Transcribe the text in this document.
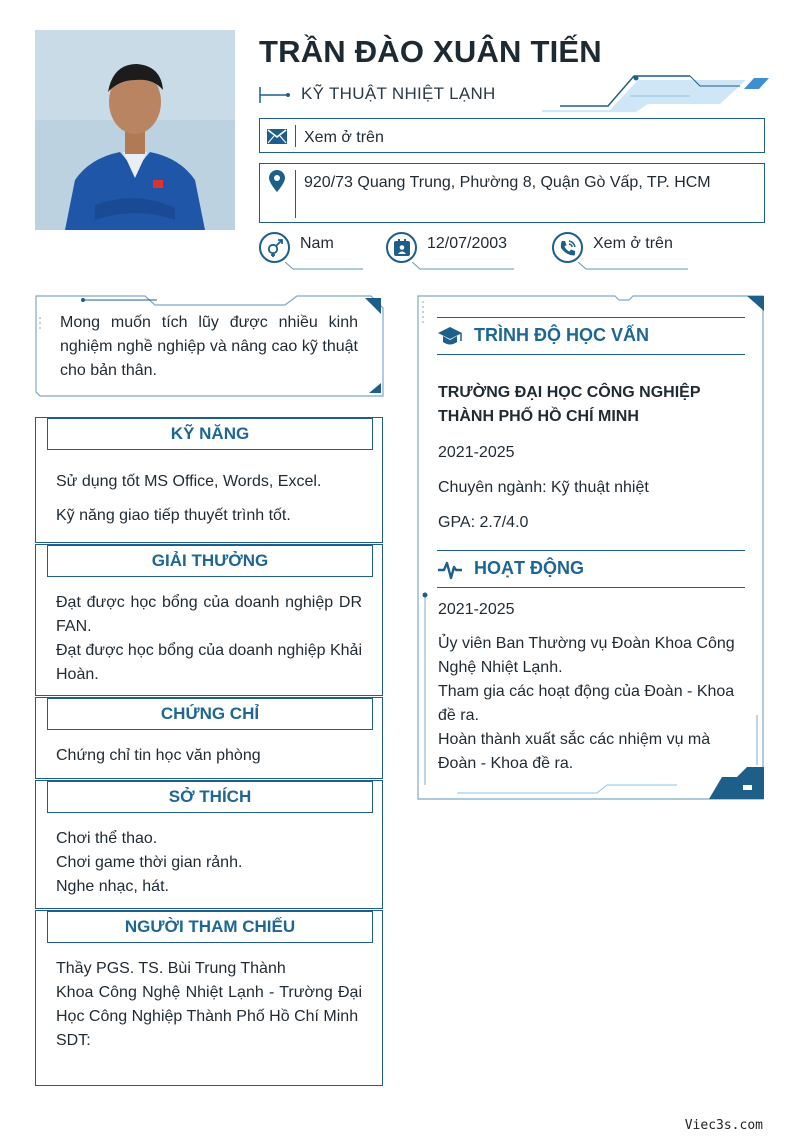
TRẦN ĐÀO XUÂN TIẾN
KỸ THUẬT NHIỆT LẠNH
Xem ở trên
920/73 Quang Trung, Phường 8, Quận Gò Vấp, TP. HCM
Nam	12/07/2003	Xem ở trên
Mong muốn tích lũy được nhiều kinh nghiệm nghề nghiệp và nâng cao kỹ thuật cho bản thân.
KỸ NĂNG

Sử dụng tốt MS Office, Words, Excel.

Kỹ năng giao tiếp thuyết trình tốt.

GIẢI THƯỞNG

Đạt được học bổng của doanh nghiệp DR FAN.

Đạt được học bổng của doanh nghiệp Khải Hoàn.

CHỨNG CHỈ

Chứng chỉ tin học văn phòng

SỞ THÍCH

Chơi thể thao.

Chơi game thời gian rảnh.

Nghe nhạc, hát.

NGƯỜI THAM CHIẾU

Thầy PGS. TS. Bùi Trung Thành

Khoa Công Nghệ Nhiệt Lạnh - Trường Đại Học Công Nghiệp Thành Phố Hồ Chí Minh

SDT:

TRÌNH ĐỘ HỌC VẤN
TRƯỜNG ĐẠI HỌC CÔNG NGHIỆP THÀNH PHỐ HỒ CHÍ MINH
2021-2025
Chuyên ngành: Kỹ thuật nhiệt
GPA: 2.7/4.0
HOẠT ĐỘNG
2021-2025

Ủy viên Ban Thường vụ Đoàn Khoa Công Nghệ Nhiệt Lạnh.

Tham gia các hoạt động của Đoàn - Khoa đề ra.

Hoàn thành xuất sắc các nhiệm vụ mà Đoàn - Khoa đề ra.

Viec3s.com
